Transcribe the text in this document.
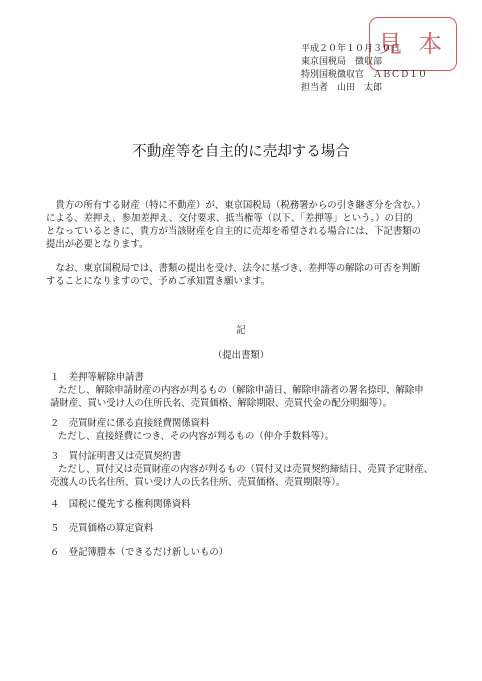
見本
平成２０年１０月３０日
東京国税局　徴収部
特別国税徴収官　ＡＢＣＤ１０
担当者　山田　太郎
不動産等を自主的に売却する場合
　貴方の所有する財産（特に不動産）が、東京国税局（税務署からの引き継ぎ分を含む。）
による、差押え、参加差押え、交付要求、抵当権等（以下、「差押等」という。）の目的
となっているときに、貴方が当該財産を自主的に売却を希望される場合には、下記書類の
提出が必要となります。
　なお、東京国税局では、書類の提出を受け、法令に基づき、差押等の解除の可否を判断
することになりますので、予めご承知置き願います。
記
（提出書類）
１　差押等解除申請書
ただし、解除申請財産の内容が判るもの（解除申請日、解除申請者の署名捺印、解除申
請財産、買い受け人の住所氏名、売買価格、解除期限、売買代金の配分明細等）。
２　売買財産に係る直接経費関係資料
ただし、直接経費につき、その内容が判るもの（仲介手数料等）。
３　買付証明書又は売買契約書
ただし、買付又は売買財産の内容が判るもの（買付又は売買契約締結日、売買予定財産、
売渡人の氏名住所、買い受け人の氏名住所、売買価格、売買期限等）。
４　国税に優先する権利関係資料
５　売買価格の算定資料
６　登記簿謄本（できるだけ新しいもの）
